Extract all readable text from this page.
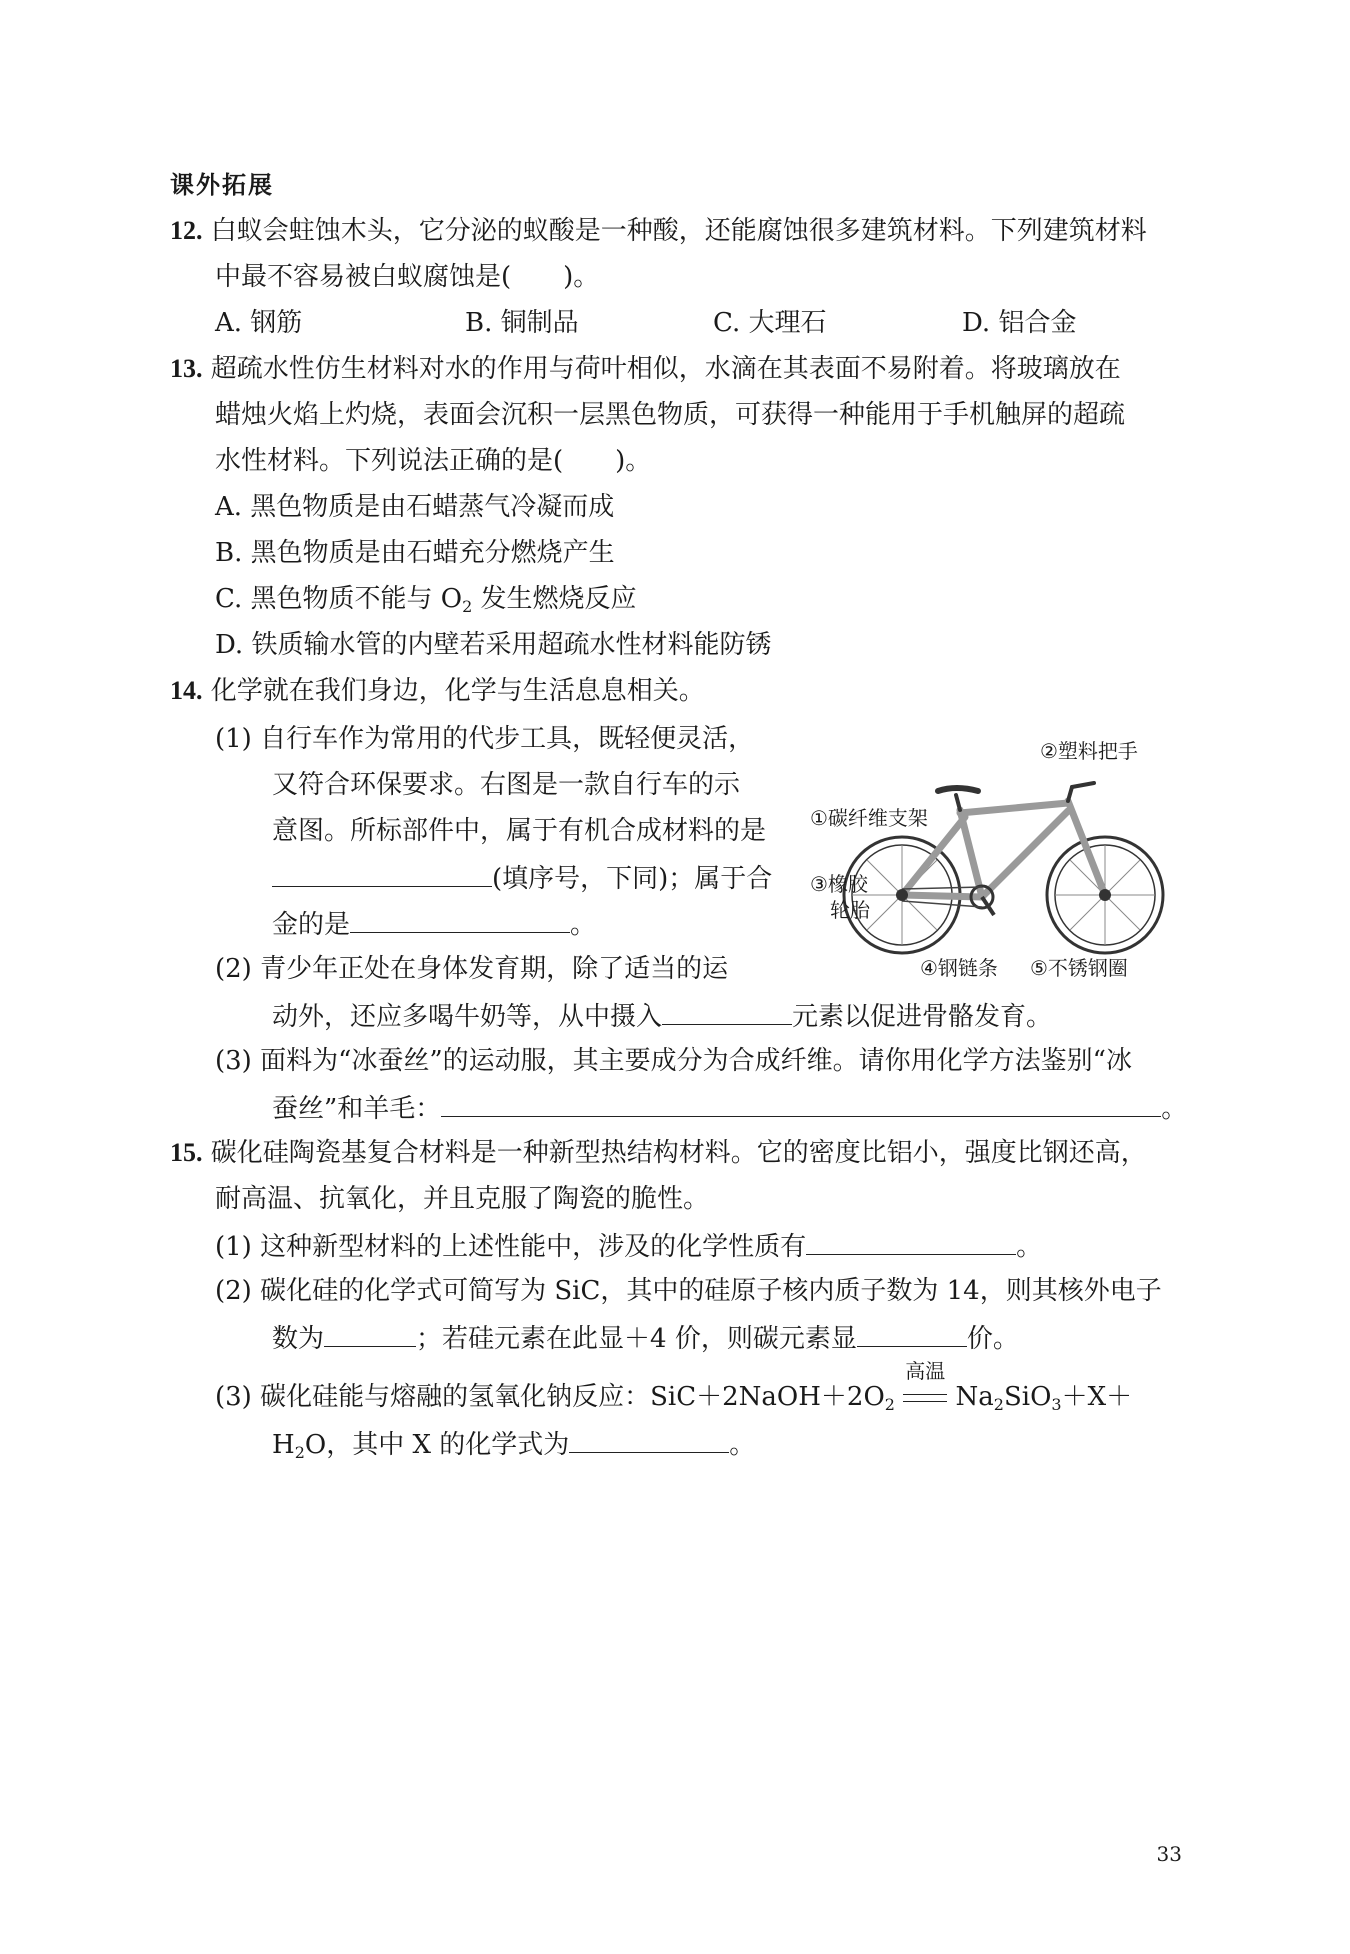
课外拓展
12. 白蚁会蛀蚀木头，它分泌的蚁酸是一种酸，还能腐蚀很多建筑材料。下列建筑材料
中最不容易被白蚁腐蚀是(　　)。
A. 钢筋	B. 铜制品	C. 大理石	D. 铝合金
13. 超疏水性仿生材料对水的作用与荷叶相似，水滴在其表面不易附着。将玻璃放在
蜡烛火焰上灼烧，表面会沉积一层黑色物质，可获得一种能用于手机触屏的超疏
水性材料。下列说法正确的是(　　)。
A. 黑色物质是由石蜡蒸气冷凝而成
B. 黑色物质是由石蜡充分燃烧产生
C. 黑色物质不能与 $O_2$ 发生燃烧反应
D. 铁质输水管的内壁若采用超疏水性材料能防锈
14. 化学就在我们身边，化学与生活息息相关。
(1) 自行车作为常用的代步工具，既轻便灵活，
又符合环保要求。右图是一款自行车的示
意图。所标部件中，属于有机合成材料的是
(填序号，下同)；属于合
金的是	。
(2) 青少年正处在身体发育期，除了适当的运
动外，还应多喝牛奶等，从中摄入	元素以促进骨骼发育。
(3) 面料为“冰蚕丝”的运动服，其主要成分为合成纤维。请你用化学方法鉴别“冰
蚕丝”和羊毛：	。
②塑料把手
①碳纤维支架
③橡胶
轮胎
④钢链条 ⑤不锈钢圈
15. 碳化硅陶瓷基复合材料是一种新型热结构材料。它的密度比铝小，强度比钢还高，
耐高温、抗氧化，并且克服了陶瓷的脆性。
(1) 这种新型材料的上述性能中，涉及的化学性质有	。
(2) 碳化硅的化学式可简写为 SiC，其中的硅原子核内质子数为 14，则其核外电子
数为	；若硅元素在此显＋4 价，则碳元素显	价。
(3) 碳化硅能与熔融的氢氧化钠反应：$SiC+2NaOH+2O_2$
高温
$Na_2SiO_3+X+$
$H_2O$，其中 X 的化学式为	。
33
